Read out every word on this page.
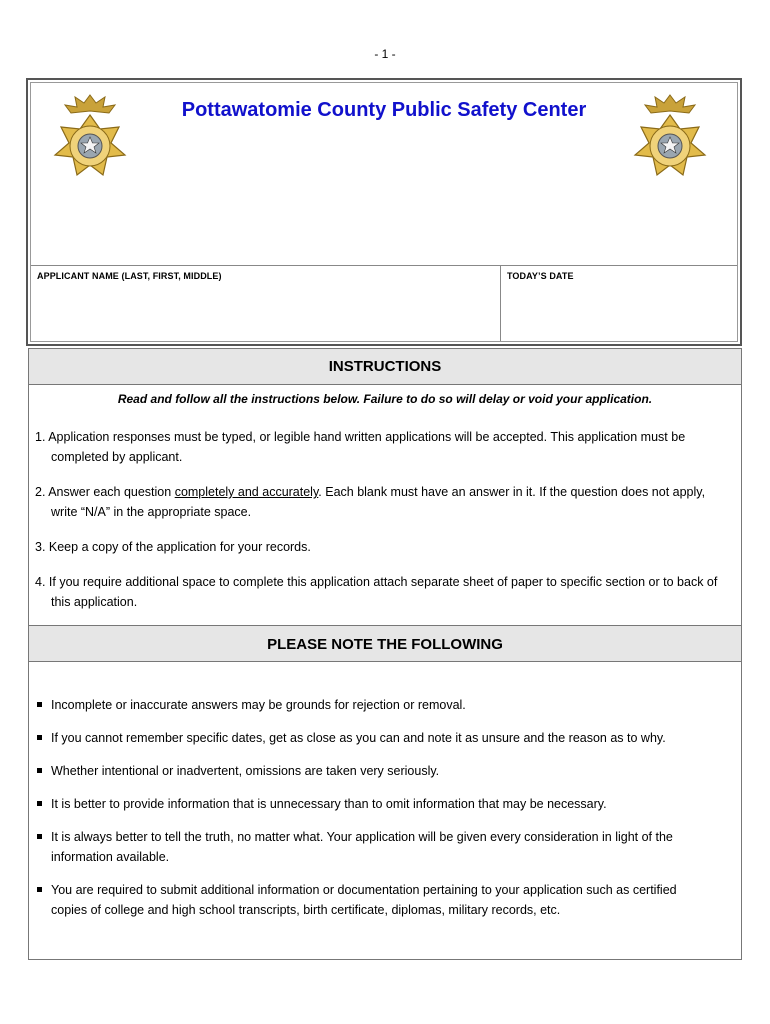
- 1 -
Pottawatomie County Public Safety Center
APPLICANT NAME (LAST, FIRST, MIDDLE)	TODAY’S DATE
INSTRUCTIONS
Read and follow all the instructions below. Failure to do so will delay or void your application.
1. Application responses must be typed, or legible hand written applications will be accepted. This application must be
completed by applicant.
2. Answer each question completely and accurately. Each blank must have an answer in it. If the question does not apply,
write “N/A” in the appropriate space.
3. Keep a copy of the application for your records.
4. If you require additional space to complete this application attach separate sheet of paper to specific section or to back of
this application.
PLEASE NOTE THE FOLLOWING
Incomplete or inaccurate answers may be grounds for rejection or removal.
If you cannot remember specific dates, get as close as you can and note it as unsure and the reason as to why.
Whether intentional or inadvertent, omissions are taken very seriously.
It is better to provide information that is unnecessary than to omit information that may be necessary.
It is always better to tell the truth, no matter what. Your application will be given every consideration in light of the
information available.
You are required to submit additional information or documentation pertaining to your application such as certified
copies of college and high school transcripts, birth certificate, diplomas, military records, etc.
